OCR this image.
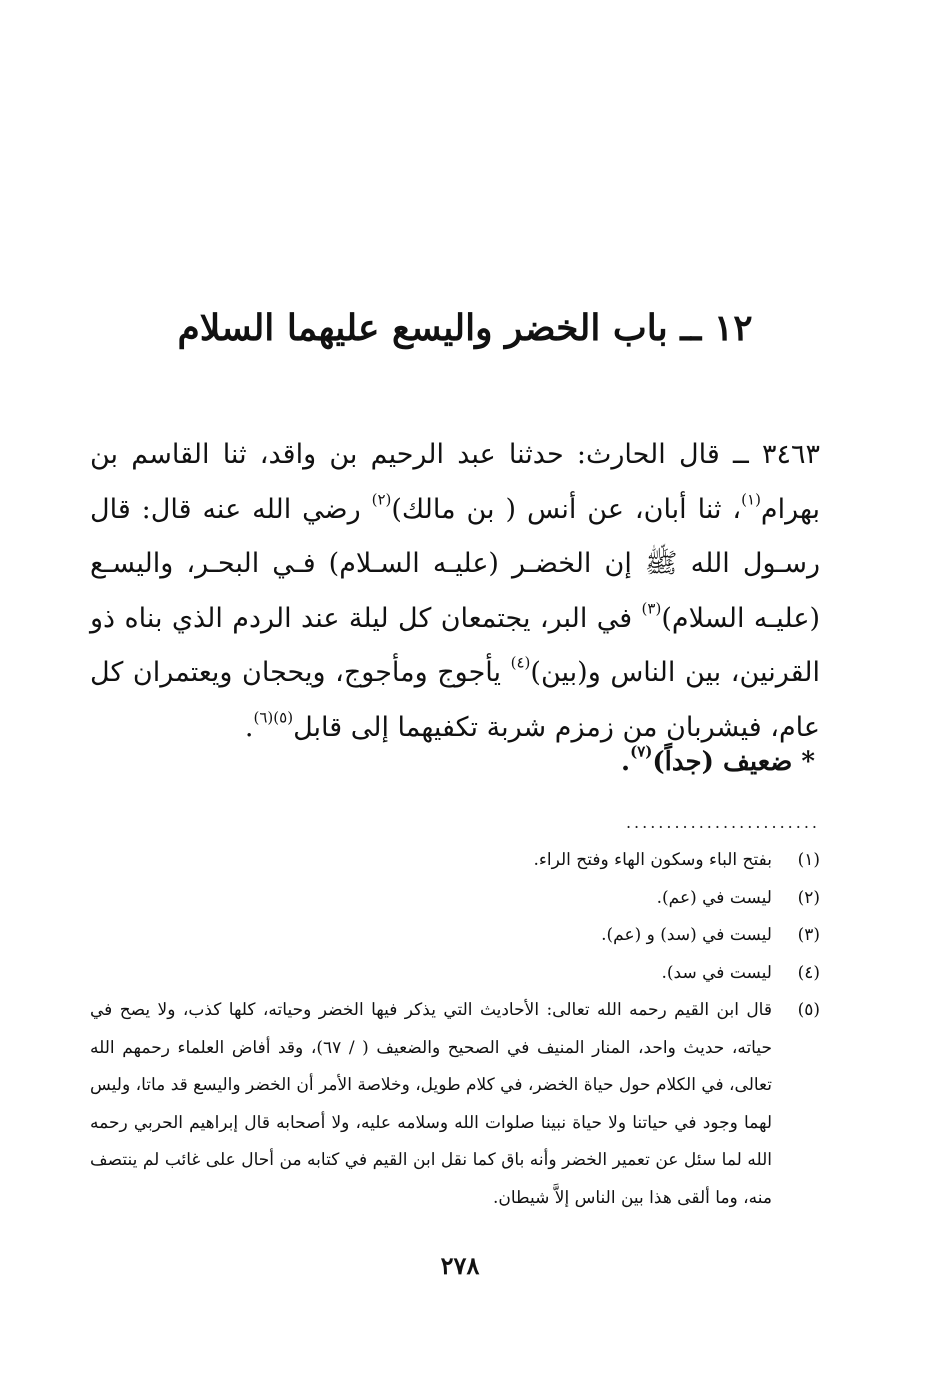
١٢ ــ باب الخضر واليسع عليهما السلام

٣٤٦٣ ــ قال الحارث: حدثنا عبد الرحيم بن واقد، ثنا القاسم بن بهرام$^{(١)}$، ثنا أبان، عن أنس ( بن مالك)$^{(٢)}$ رضي الله عنه قال: قال رسـول الله ﷺ إن الخضـر (عليـه السـلام) فـي البحـر، واليسـع (عليـه السلام)$^{(٣)}$ في البر، يجتمعان كل ليلة عند الردم الذي بناه ذو القرنين، بين الناس و(بين)$^{(٤)}$ يأجوج ومأجوج، ويحجان ويعتمران كل عام، فيشربان من زمزم شربة تكفيهما إلى قابل$^{(٥)(٦)}$.

* ضعيف (جداً)$^{(٧)}$.
........................
(١)
بفتح الباء وسكون الهاء وفتح الراء.
(٢)
ليست في (عم).
(٣)
ليست في (سد) و (عم).
(٤)
ليست في سد).
(٥)
قال ابن القيم رحمه الله تعالى: الأحاديث التي يذكر فيها الخضر وحياته، كلها كذب، ولا يصح في حياته، حديث واحد، المنار المنيف في الصحيح والضعيف ( / ٦٧)، وقد أفاض العلماء رحمهم الله تعالى، في الكلام حول حياة الخضر، في كلام طويل، وخلاصة الأمر أن الخضر واليسع قد ماتا، وليس لهما وجود في حياتنا ولا حياة نبينا صلوات الله وسلامه عليه، ولا أصحابه قال إبراهيم الحربي رحمه الله لما سئل عن تعمير الخضر وأنه باق كما نقل ابن القيم في كتابه من أحال على غائب لم ينتصف منه، وما ألقى هذا بين الناس إلاَّ شيطان.
٢٧٨
